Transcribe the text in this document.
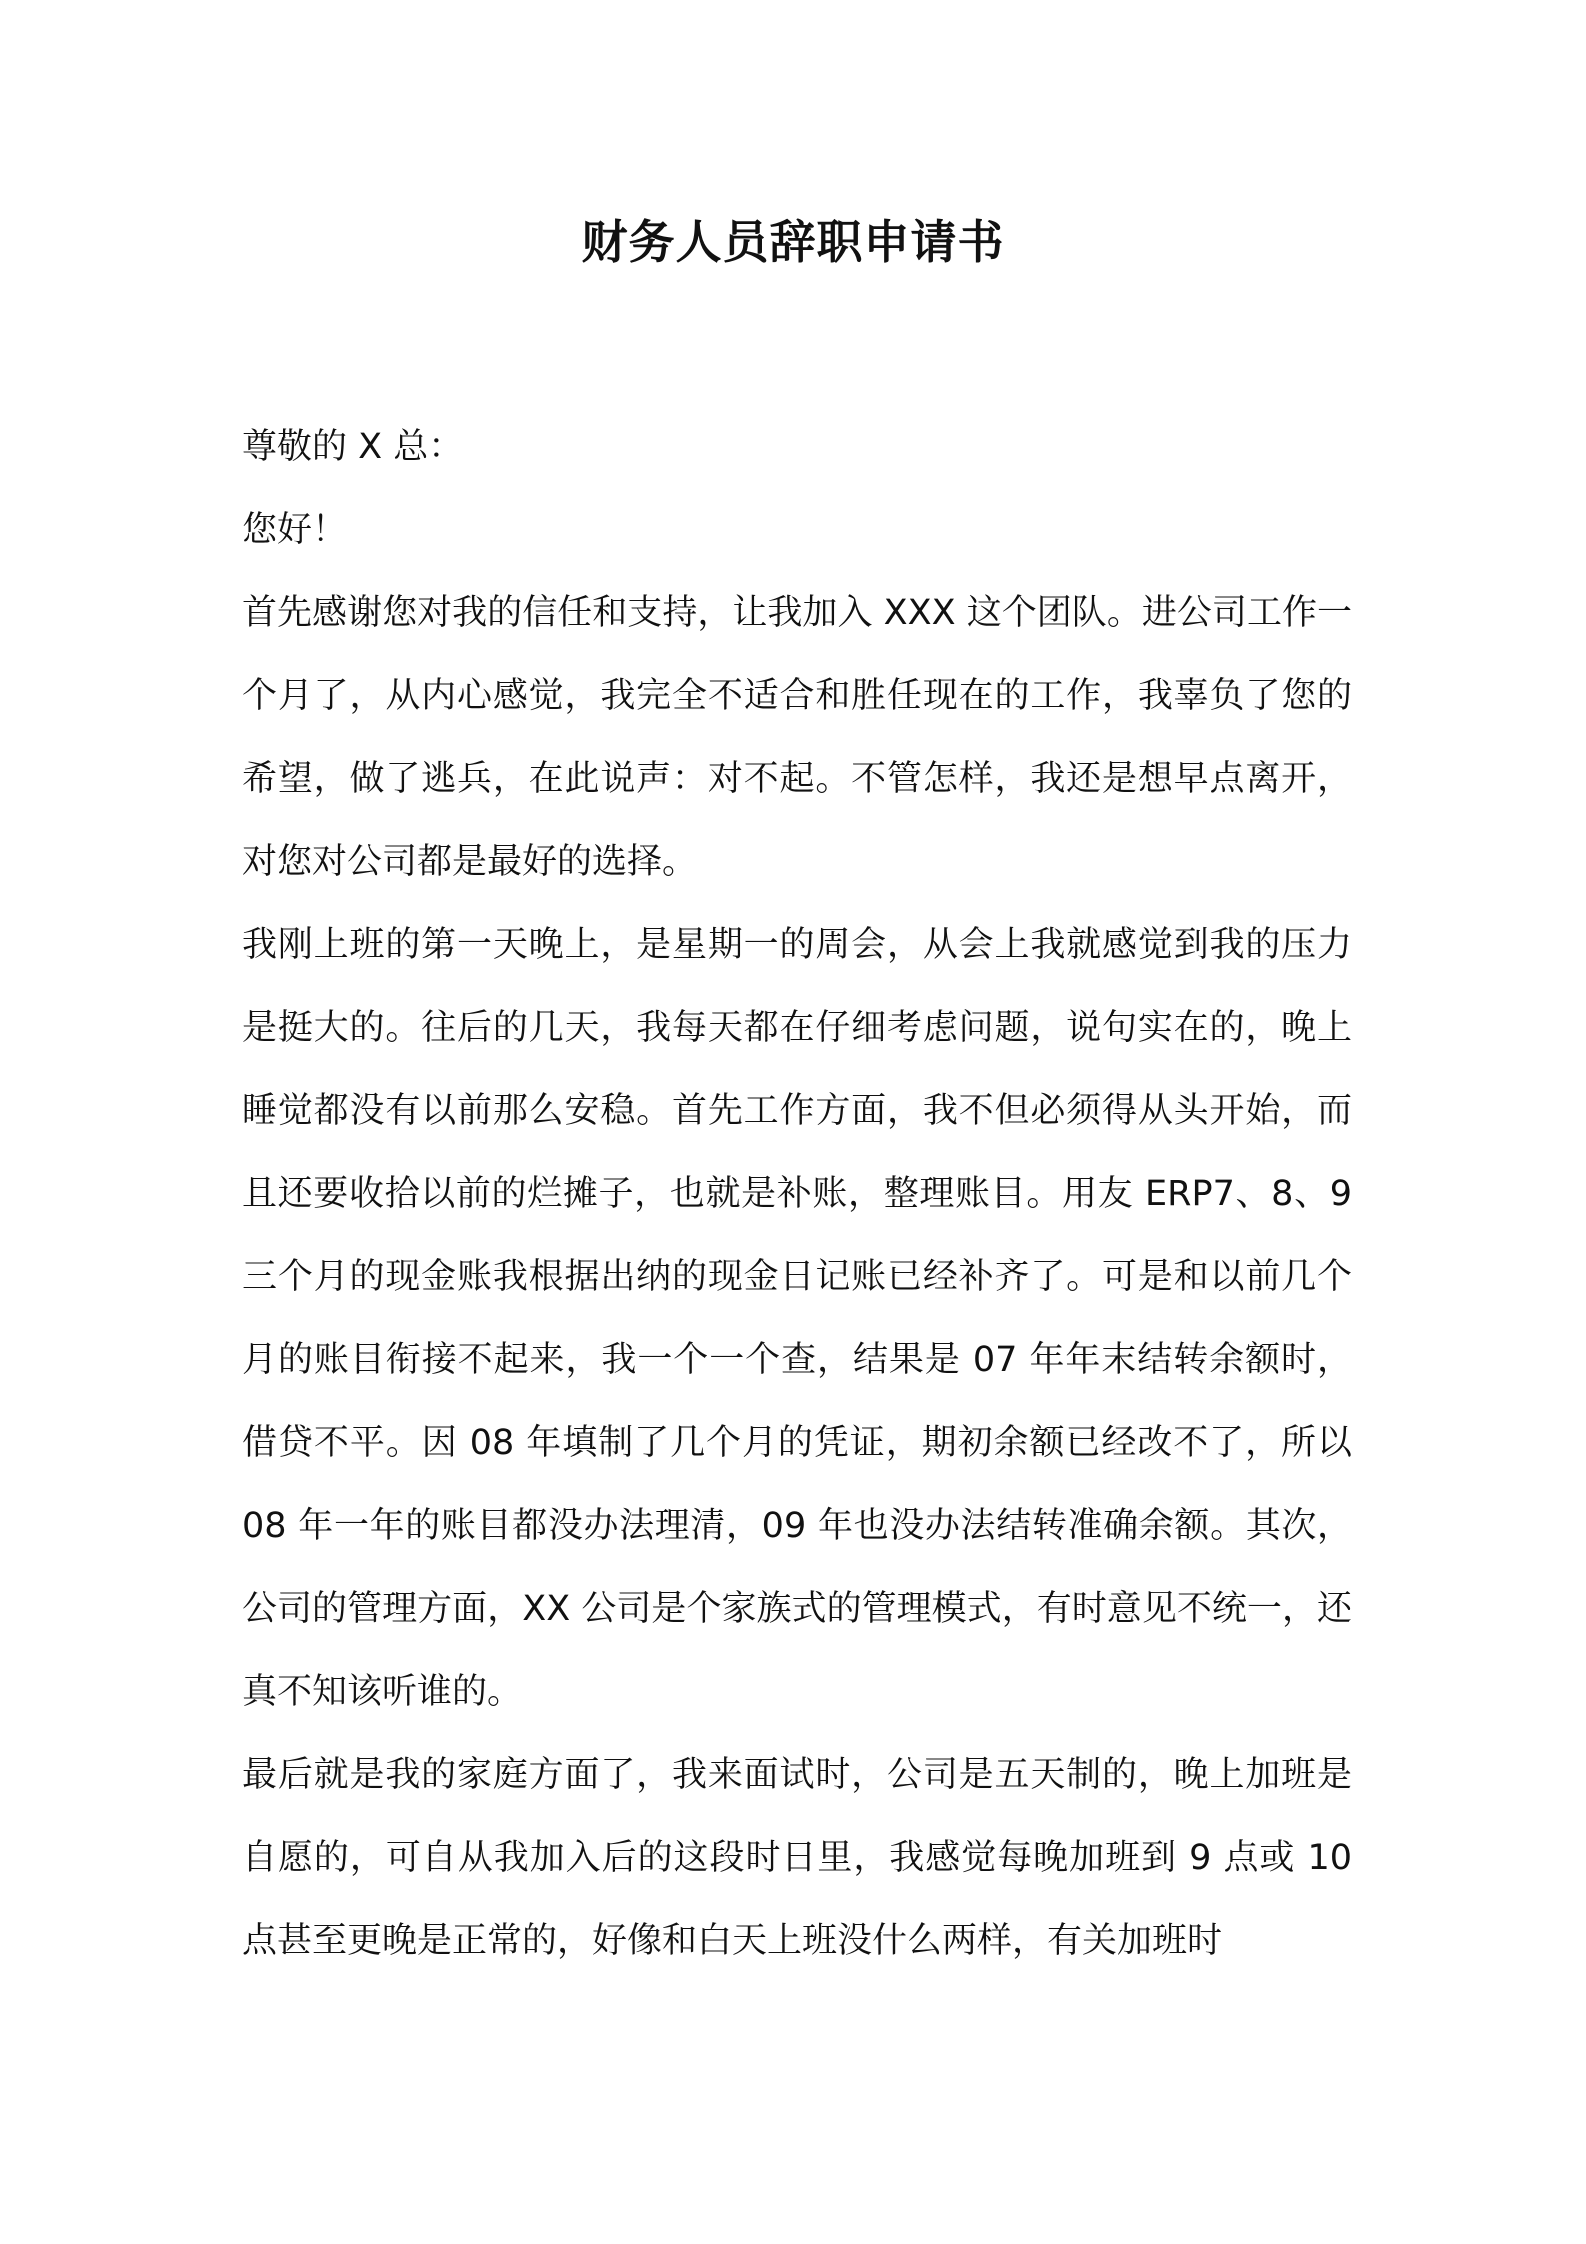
财务人员辞职申请书

尊敬的 X 总：

您好！

首先感谢您对我的信任和支持，让我加入 XXX 这个团队。进公司工作一个月了，从内心感觉，我完全不适合和胜任现在的工作，我辜负了您的希望，做了逃兵，在此说声：对不起。不管怎样，我还是想早点离开，对您对公司都是最好的选择。

我刚上班的第一天晚上，是星期一的周会，从会上我就感觉到我的压力是挺大的。往后的几天，我每天都在仔细考虑问题，说句实在的，晚上睡觉都没有以前那么安稳。首先工作方面，我不但必须得从头开始，而且还要收拾以前的烂摊子，也就是补账，整理账目。用友 ERP7、8、9 三个月的现金账我根据出纳的现金日记账已经补齐了。可是和以前几个月的账目衔接不起来，我一个一个查，结果是 07 年年末结转余额时，借贷不平。因 08 年填制了几个月的凭证，期初余额已经改不了，所以 08 年一年的账目都没办法理清，09 年也没办法结转准确余额。其次，公司的管理方面，XX 公司是个家族式的管理模式，有时意见不统一，还真不知该听谁的。

最后就是我的家庭方面了，我来面试时，公司是五天制的，晚上加班是自愿的，可自从我加入后的这段时日里，我感觉每晚加班到 9 点或 10 点甚至更晚是正常的，好像和白天上班没什么两样，有关加班时
